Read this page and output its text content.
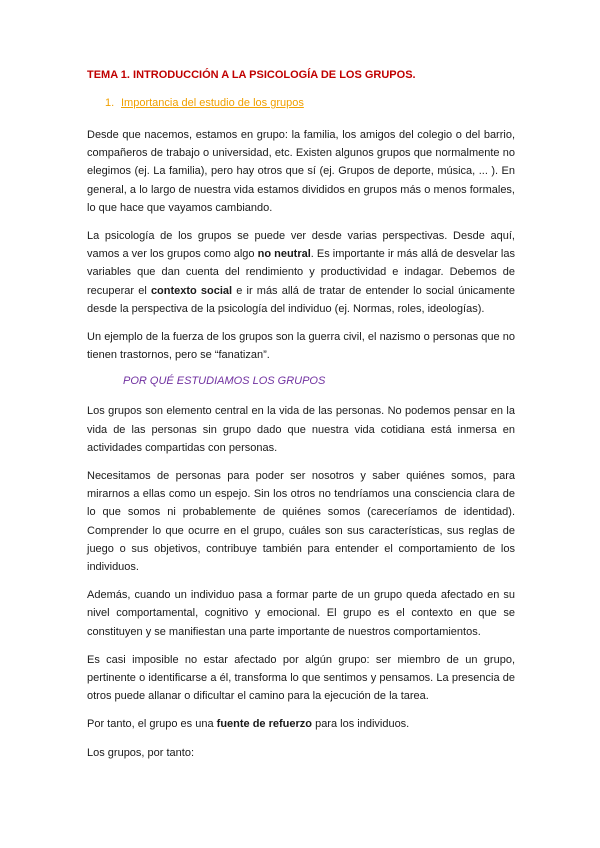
TEMA 1. INTRODUCCIÓN A LA PSICOLOGÍA DE LOS GRUPOS.
1. Importancia del estudio de los grupos

Desde que nacemos, estamos en grupo: la familia, los amigos del colegio o del barrio, compañeros de trabajo o universidad, etc. Existen algunos grupos que normalmente no elegimos (ej. La familia), pero hay otros que sí (ej. Grupos de deporte, música, ... ). En general, a lo largo de nuestra vida estamos divididos en grupos más o menos formales, lo que hace que vayamos cambiando.

La psicología de los grupos se puede ver desde varias perspectivas. Desde aquí, vamos a ver los grupos como algo no neutral. Es importante ir más allá de desvelar las variables que dan cuenta del rendimiento y productividad e indagar. Debemos de recuperar el contexto social e ir más allá de tratar de entender lo social únicamente desde la perspectiva de la psicología del individuo (ej. Normas, roles, ideologías).

Un ejemplo de la fuerza de los grupos son la guerra civil, el nazismo o personas que no tienen trastornos, pero se “fanatizan”.

POR QUÉ ESTUDIAMOS LOS GRUPOS

Los grupos son elemento central en la vida de las personas. No podemos pensar en la vida de las personas sin grupo dado que nuestra vida cotidiana está inmersa en actividades compartidas con personas.

Necesitamos de personas para poder ser nosotros y saber quiénes somos, para mirarnos a ellas como un espejo. Sin los otros no tendríamos una consciencia clara de lo que somos ni probablemente de quiénes somos (careceríamos de identidad). Comprender lo que ocurre en el grupo, cuáles son sus características, sus reglas de juego o sus objetivos, contribuye también para entender el comportamiento de los individuos.

Además, cuando un individuo pasa a formar parte de un grupo queda afectado en su nivel comportamental, cognitivo y emocional. El grupo es el contexto en que se constituyen y se manifiestan una parte importante de nuestros comportamientos.

Es casi imposible no estar afectado por algún grupo: ser miembro de un grupo, pertinente o identificarse a él, transforma lo que sentimos y pensamos. La presencia de otros puede allanar o dificultar el camino para la ejecución de la tarea.

Por tanto, el grupo es una fuente de refuerzo para los individuos.

Los grupos, por tanto:
